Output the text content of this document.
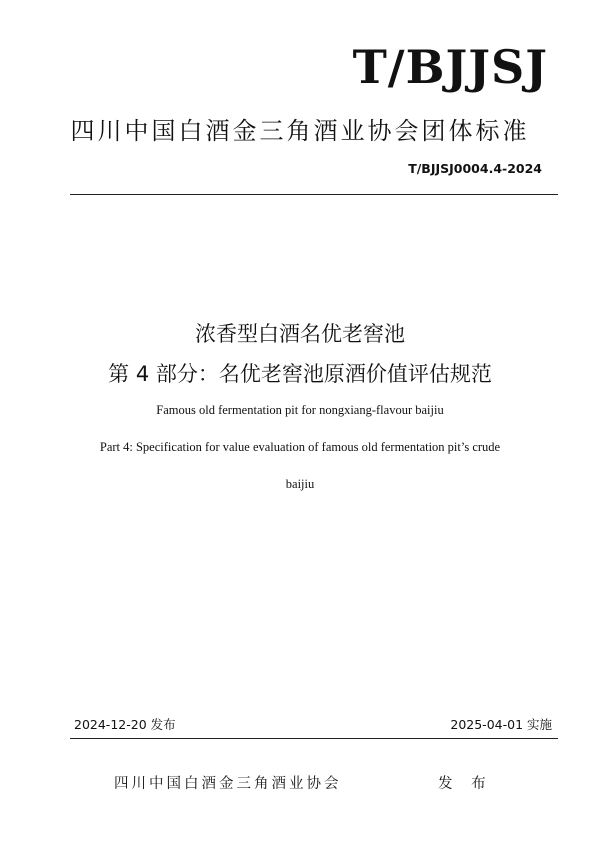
T/BJJSJ
四川中国白酒金三角酒业协会团体标准
T/BJJSJ0004.4-2024
浓香型白酒名优老窖池
第 4 部分：名优老窖池原酒价值评估规范
Famous old fermentation pit for nongxiang-flavour baijiu
Part 4: Specification for value evaluation of famous old fermentation pit’s crude
baijiu
2024-12-20 发布	2025-04-01 实施
四川中国白酒金三角酒业协会	发 布
